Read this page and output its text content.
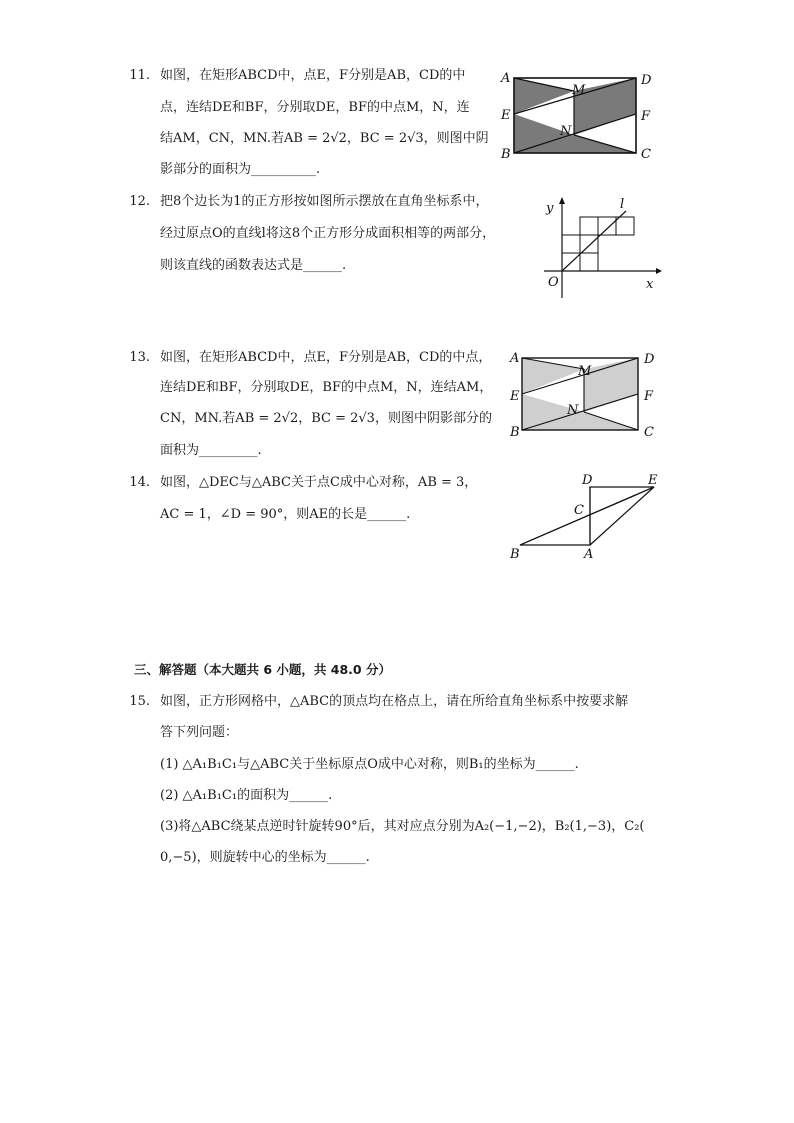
11. 如图，在矩形ABCD中，点E，F分别是AB，CD的中
点，连结DE和BF，分别取DE，BF的中点M，N，连
结AM，CN，MN.若AB = 2√2，BC = 2√3，则图中阴
影部分的面积为__________.
A
E
B
D
F
C
M
N
12. 把8个边长为1的正方形按如图所示摆放在直角坐标系中，
经过原点O的直线l将这8个正方形分成面积相等的两部分，
则该直线的函数表达式是______.
y
x
O
l
13. 如图，在矩形ABCD中，点E，F分别是AB，CD的中点，
连结DE和BF，分别取DE，BF的中点M，N，连结AM，
CN，MN.若AB = 2√2，BC = 2√3，则图中阴影部分的
面积为_________.
A
E
B
D
F
C
M
N
14. 如图，△DEC与△ABC关于点C成中心对称，AB = 3，
AC = 1，∠D = 90°，则AE的长是______.
D	E
C
B	A
三、解答题（本大题共 6 小题，共 48.0 分）
15. 如图，正方形网格中，△ABC的顶点均在格点上，请在所给直角坐标系中按要求解
答下列问题：
(1) △A₁B₁C₁与△ABC关于坐标原点O成中心对称，则B₁的坐标为______.
(2) △A₁B₁C₁的面积为______.
(3)将△ABC绕某点逆时针旋转90°后，其对应点分别为A₂(−1,−2)，B₂(1,−3)，C₂(
0,−5)，则旋转中心的坐标为______.
